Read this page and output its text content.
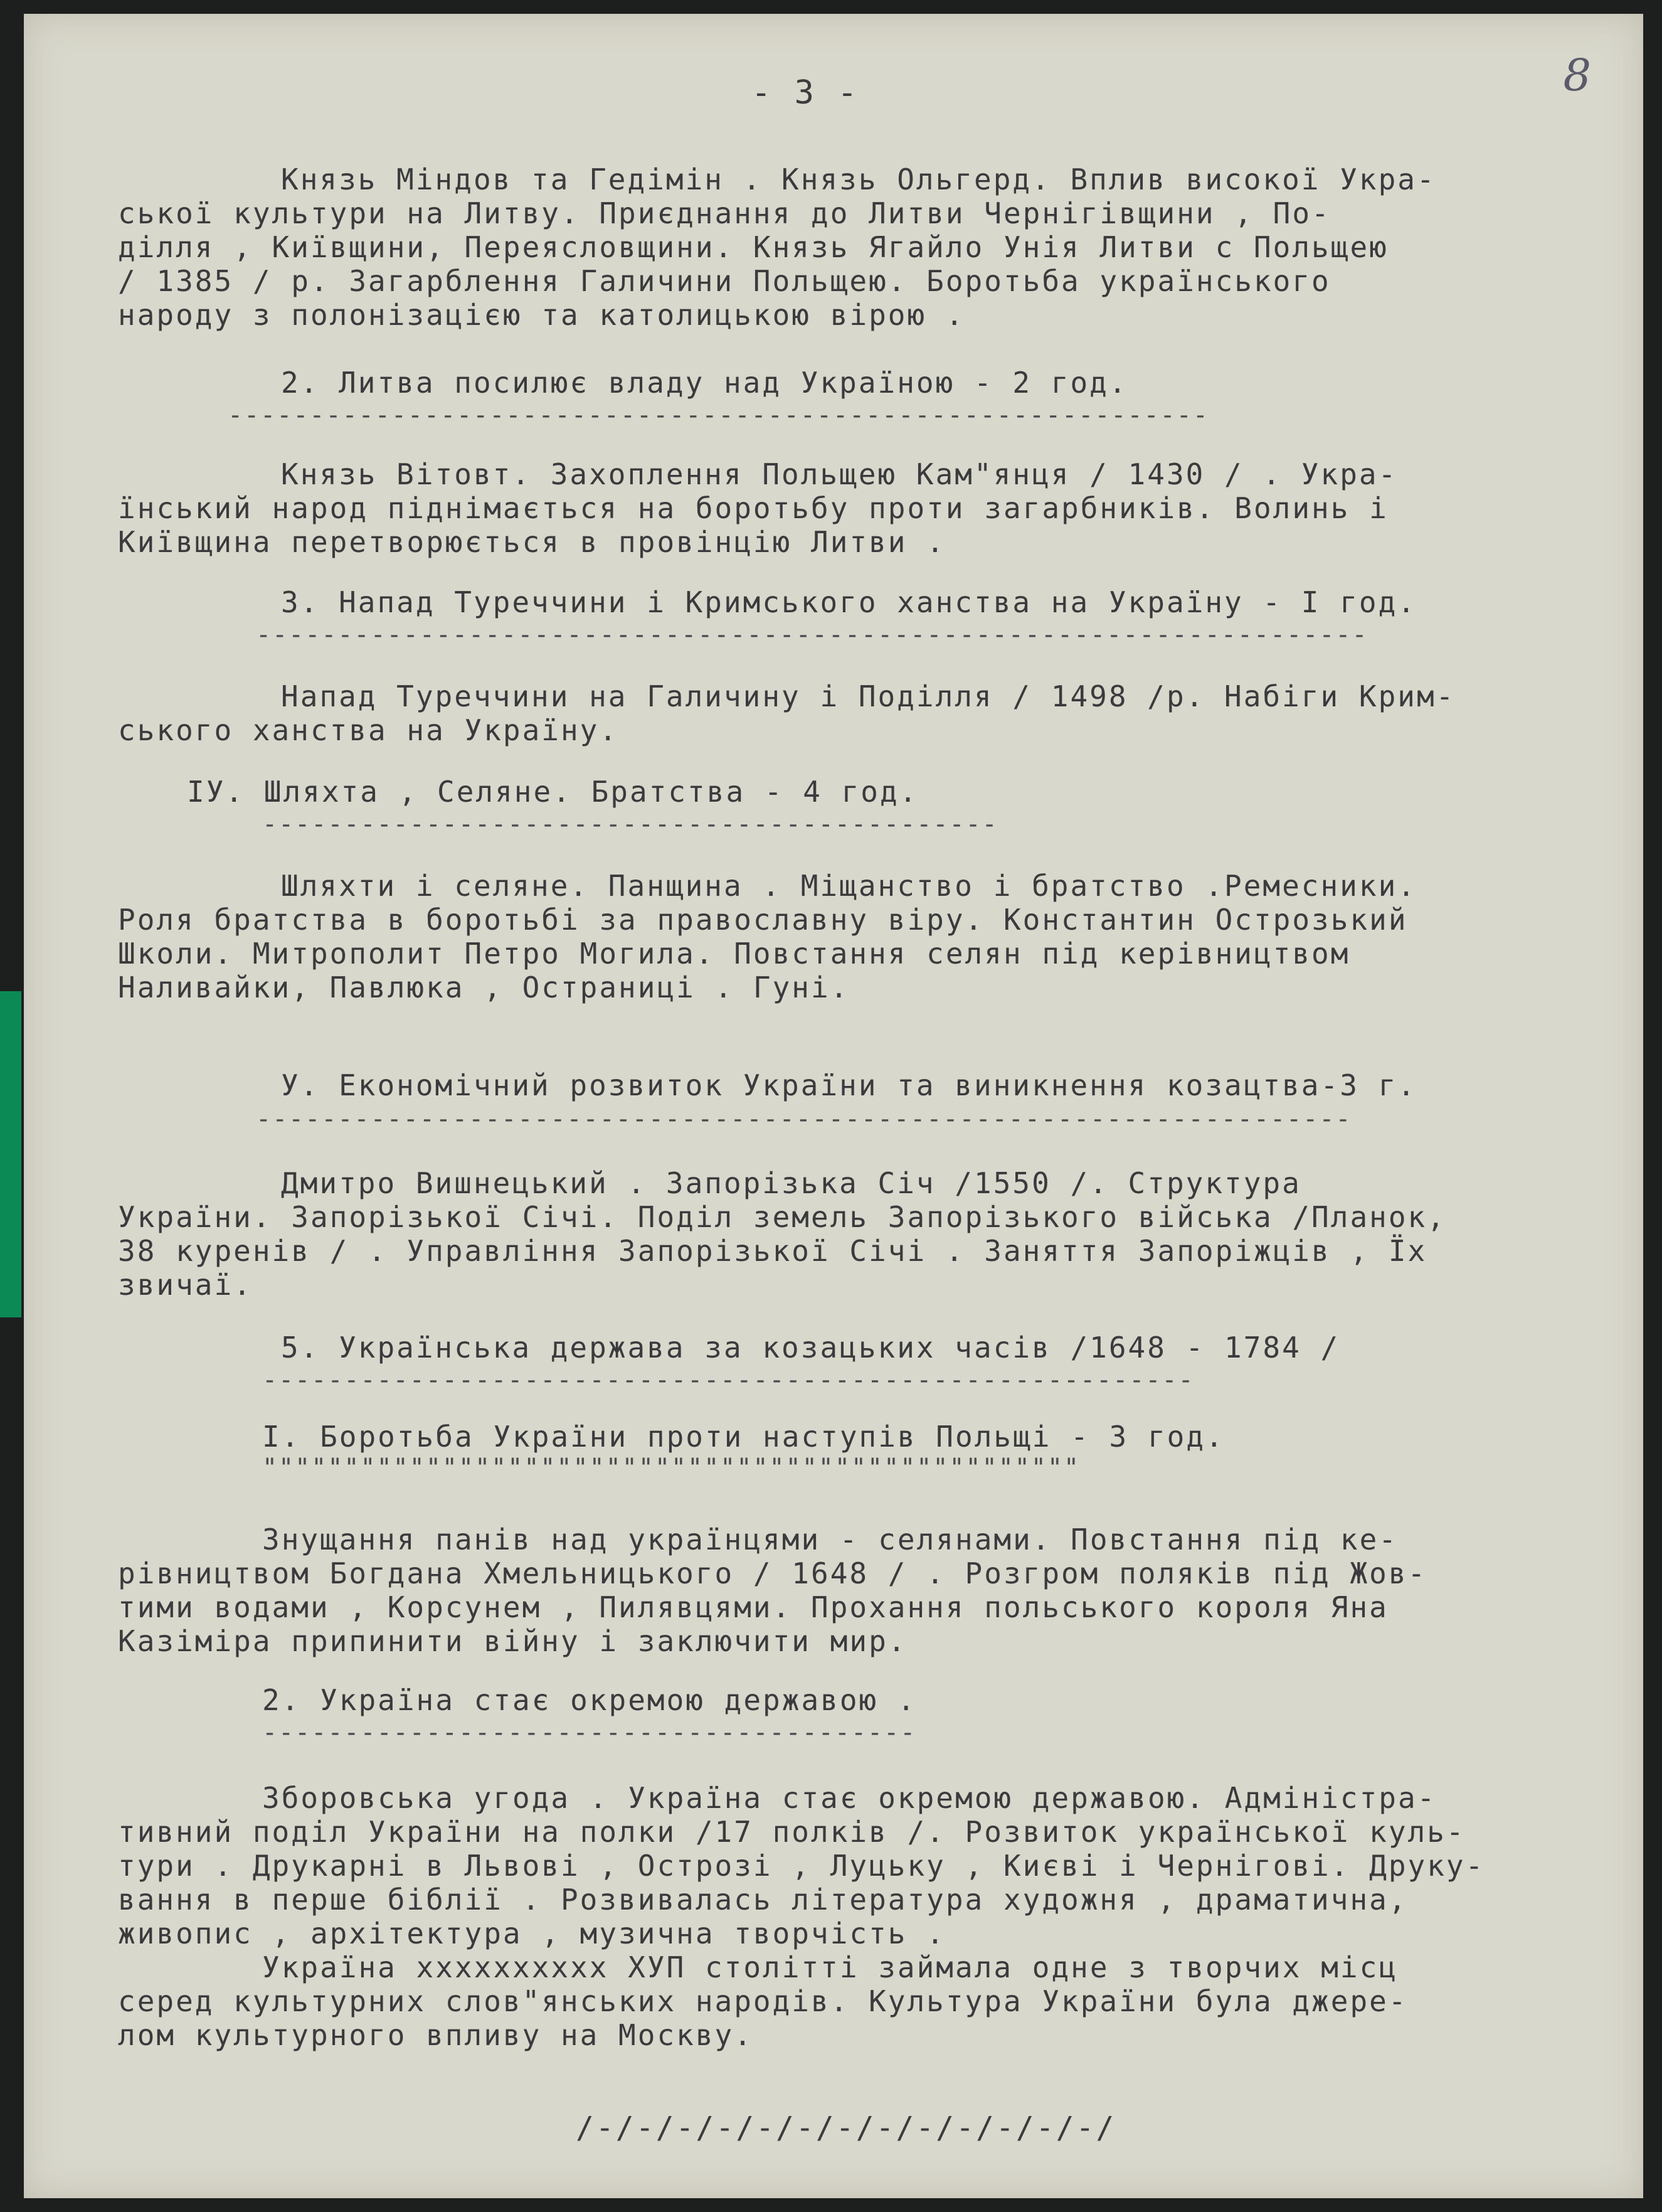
- 3 -	8
Князь Міндов та Гедімін . Князь Ольгерд. Вплив високої Укра-
ської культури на Литву. Приєднання до Литви Чернігівщини , По-
ділля , Київщини, Переясловщини. Князь Ягайло Унія Литви с Польщею
/ 1385 / р. Загарблення Галичини Польщею. Боротьба українського
народу з полонізацією та католицькою вірою .
2. Литва посилює владу над Україною - 2 год.
------------------------------------------------------------
Князь Вітовт. Захоплення Польщею Кам"янця / 1430 / . Укра-
їнський народ піднімається на боротьбу проти загарбників. Волинь і
Київщина перетворюється в провінцію Литви .
3. Напад Туреччини і Кримського ханства на Україну - I год.
--------------------------------------------------------------------
Напад Туреччини на Галичину і Поділля / 1498 /р. Набіги Крим-
ського ханства на Україну.
IУ. Шляхта , Селяне. Братства - 4 год.
---------------------------------------------
Шляхти і селяне. Панщина . Міщанство і братство .Ремесники.
Роля братства в боротьбі за православну віру. Константин Острозький
Школи. Митрополит Петро Могила. Повстання селян під керівництвом
Наливайки, Павлюка , Остраниці . Гуні.
У. Економічний розвиток України та виникнення козацтва-3 г.
-------------------------------------------------------------------
Дмитро Вишнецький . Запорізька Січ /1550 /. Структура
України. Запорізької Січі. Поділ земель Запорізького війська /Планок,
38 куренів / . Управління Запорізької Січі . Заняття Запоріжців , Їх
звичаї.
5. Українська держава за козацьких часів /1648 - 1784 /
---------------------------------------------------------
I. Боротьба України проти наступів Польщі - 3 год.
""""""""""""""""""""""""""""""""""""""""""""""""""
Знущання панів над українцями - селянами. Повстання під ке-
рівництвом Богдана Хмельницького / 1648 / . Розгром поляків під Жов-
тими водами , Корсунем , Пилявцями. Прохання польського короля Яна
Казіміра припинити війну і заключити мир.
2. Україна стає окремою державою .
----------------------------------------
Зборовська угода . Україна стає окремою державою. Адміністра-
тивний поділ України на полки /17 полків /. Розвиток української куль-
тури . Друкарні в Львові , Острозі , Луцьку , Києві і Чернігові. Друку-
вання в перше біблії . Розвивалась література художня , драматична,
живопис , архітектура , музична творчість .
Україна xxxxxxxxxx ХУП столітті займала одне з творчих місц
серед культурних слов"янських народів. Культура України була джере-
лом культурного впливу на Москву.
/-/-/-/-/-/-/-/-/-/-/-/-/-/
